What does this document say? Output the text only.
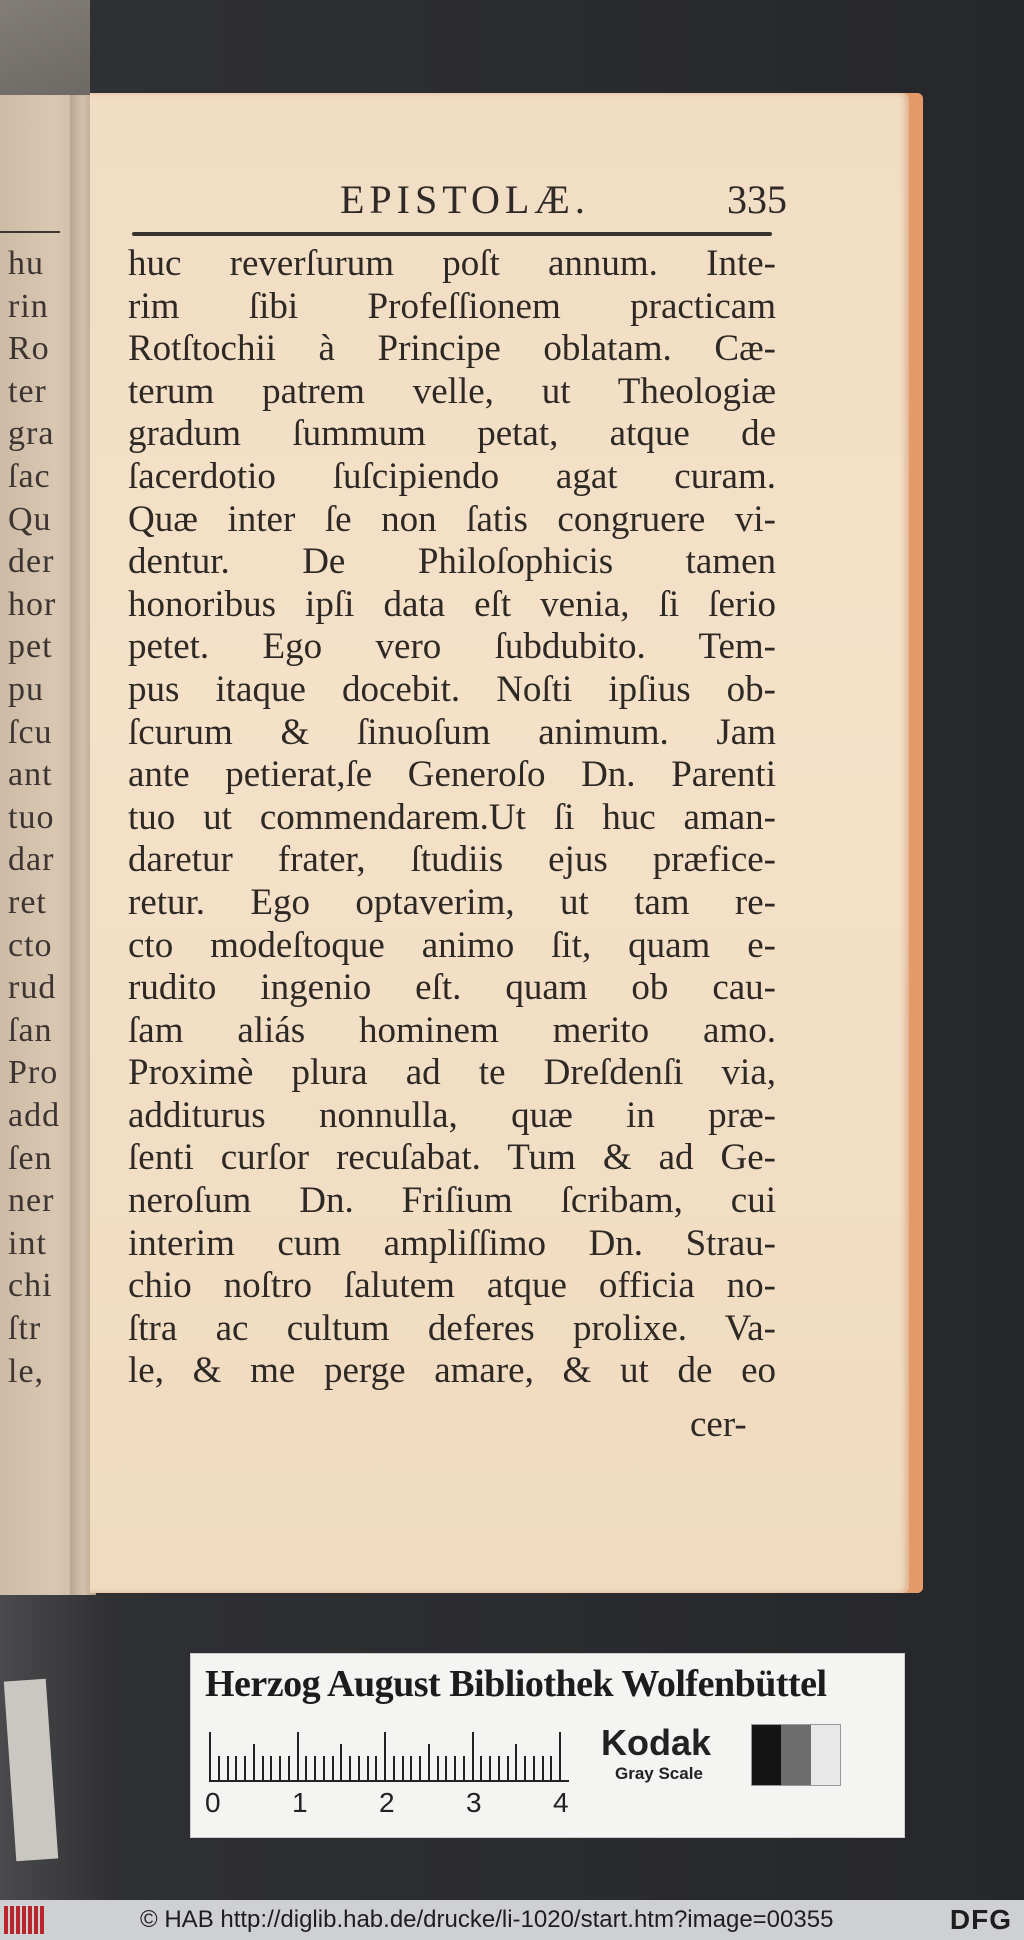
hu
rin
Ro
ter
gra
ſac
Qu
der
hor
pet
pu
ſcu
ant
tuo
dar
ret
cto
rud
ſan
Pro
add
ſen
ner
int
chi
ſtr
le,
EPISTOLÆ.	335
huc reverſurum poſt annum. Inte-
rim ſibi Profeſſionem practicam
Rotſtochii à Principe oblatam. Cæ-
terum patrem velle, ut Theologiæ
gradum ſummum petat, atque de
ſacerdotio ſuſcipiendo agat curam.
Quæ inter ſe non ſatis congruere vi-
dentur. De Philoſophicis tamen
honoribus ipſi data eſt venia, ſi ſerio
petet. Ego vero ſubdubito. Tem-
pus itaque docebit. Noſti ipſius ob-
ſcurum & ſinuoſum animum. Jam
ante petierat,ſe Generoſo Dn. Parenti
tuo ut commendarem.Ut ſi huc aman-
daretur frater, ſtudiis ejus præfice-
retur. Ego optaverim, ut tam re-
cto modeſtoque animo ſit, quam e-
rudito ingenio eſt. quam ob cau-
ſam aliás hominem merito amo.
Proximè plura ad te Dreſdenſi via,
additurus nonnulla, quæ in præ-
ſenti curſor recuſabat. Tum & ad Ge-
neroſum Dn. Friſium ſcribam, cui
interim cum ampliſſimo Dn. Strau-
chio noſtro ſalutem atque officia no-
ſtra ac cultum deferes prolixe. Va-
le, & me perge amare, & ut de eo
cer-
Herzog August Bibliothek Wolfenbüttel
0	1	2	3	4
Kodak
Gray Scale
© HAB http://diglib.hab.de/drucke/li-1020/start.htm?image=00355	DFG
